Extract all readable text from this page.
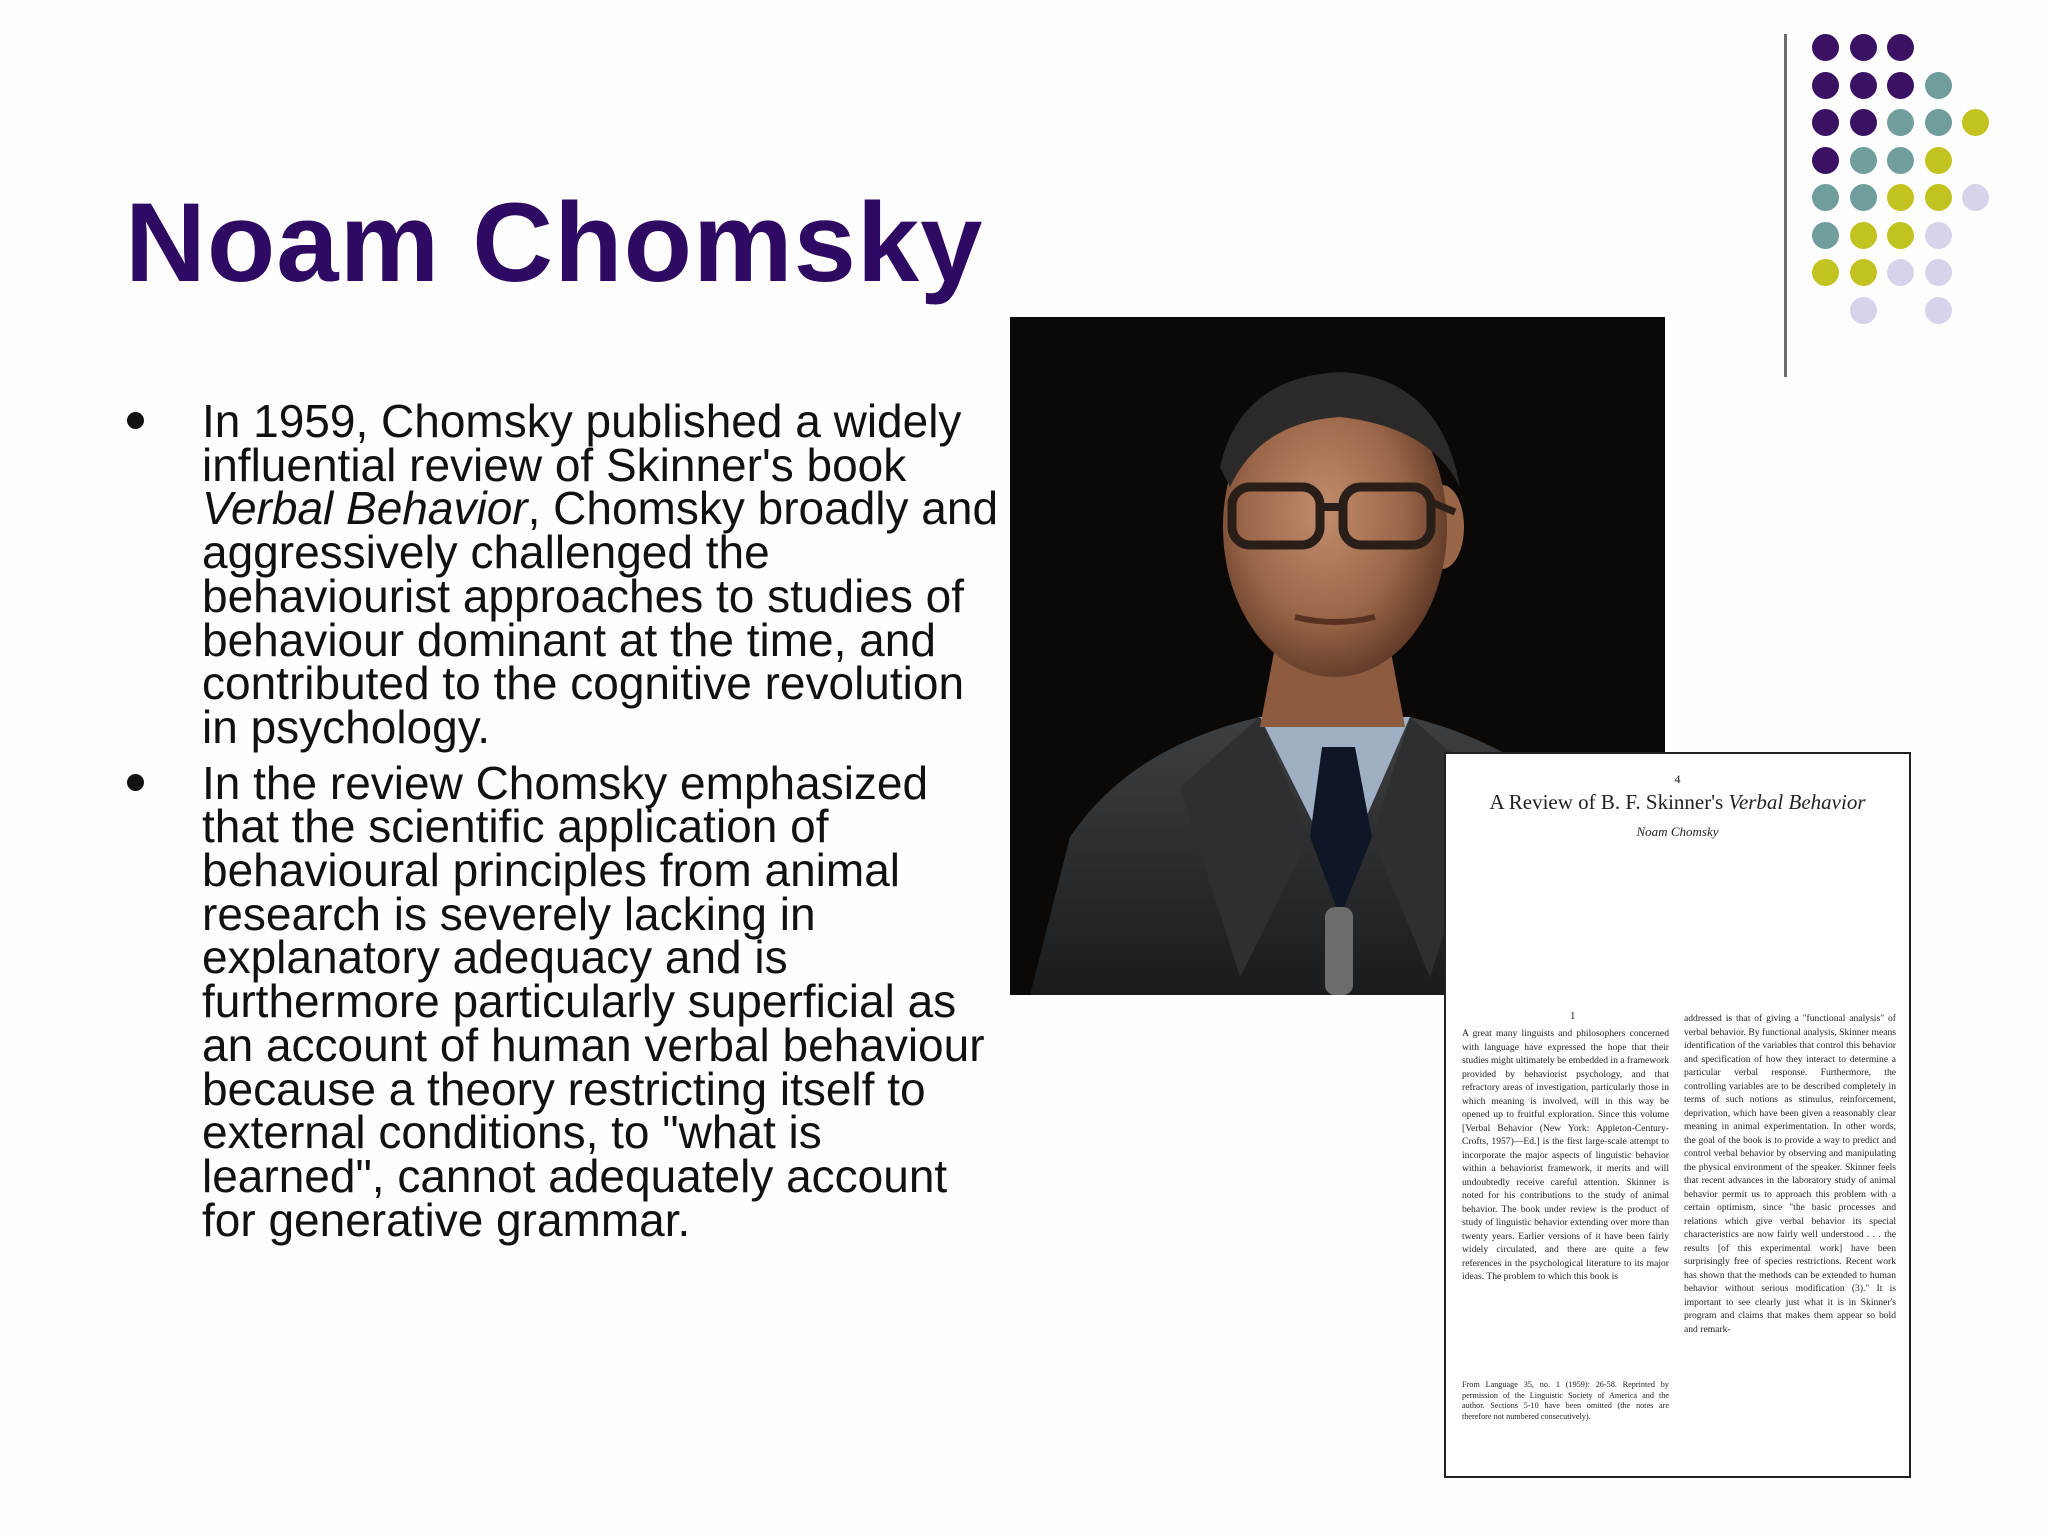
Noam Chomsky
In 1959, Chomsky published a widely influential review of Skinner's book Verbal Behavior, Chomsky broadly and aggressively challenged the behaviourist approaches to studies of behaviour dominant at the time, and contributed to the cognitive revolution in psychology.
In the review Chomsky emphasized that the scientific application of behavioural principles from animal research is severely lacking in explanatory adequacy and is furthermore particularly superficial as an account of human verbal behaviour because a theory restricting itself to external conditions, to "what is learned", cannot adequately account for generative grammar.
4
A Review of B. F. Skinner's Verbal Behavior
Noam Chomsky
1
A great many linguists and philosophers concerned with language have expressed the hope that their studies might ultimately be embedded in a framework provided by behaviorist psychology, and that refractory areas of investigation, particularly those in which meaning is involved, will in this way be opened up to fruitful exploration. Since this volume [Verbal Behavior (New York: Appleton-Century-Crofts, 1957)—Ed.] is the first large-scale attempt to incorporate the major aspects of linguistic behavior within a behaviorist framework, it merits and will undoubtedly receive careful attention. Skinner is noted for his contributions to the study of animal behavior. The book under review is the product of study of linguistic behavior extending over more than twenty years. Earlier versions of it have been fairly widely circulated, and there are quite a few references in the psychological literature to its major ideas. The problem to which this book is
addressed is that of giving a "functional analysis" of verbal behavior. By functional analysis, Skinner means identification of the variables that control this behavior and specification of how they interact to determine a particular verbal response. Furthermore, the controlling variables are to be described completely in terms of such notions as stimulus, reinforcement, deprivation, which have been given a reasonably clear meaning in animal experimentation. In other words, the goal of the book is to provide a way to predict and control verbal behavior by observing and manipulating the physical environment of the speaker. Skinner feels that recent advances in the laboratory study of animal behavior permit us to approach this problem with a certain optimism, since "the basic processes and relations which give verbal behavior its special characteristics are now fairly well understood . . . the results [of this experimental work] have been surprisingly free of species restrictions. Recent work has shown that the methods can be extended to human behavior without serious modification (3)." It is important to see clearly just what it is in Skinner's program and claims that makes them appear so bold and remark-
From Language 35, no. 1 (1959): 26-58. Reprinted by permission of the Linguistic Society of America and the author. Sections 5-10 have been omitted (the notes are therefore not numbered consecutively).
